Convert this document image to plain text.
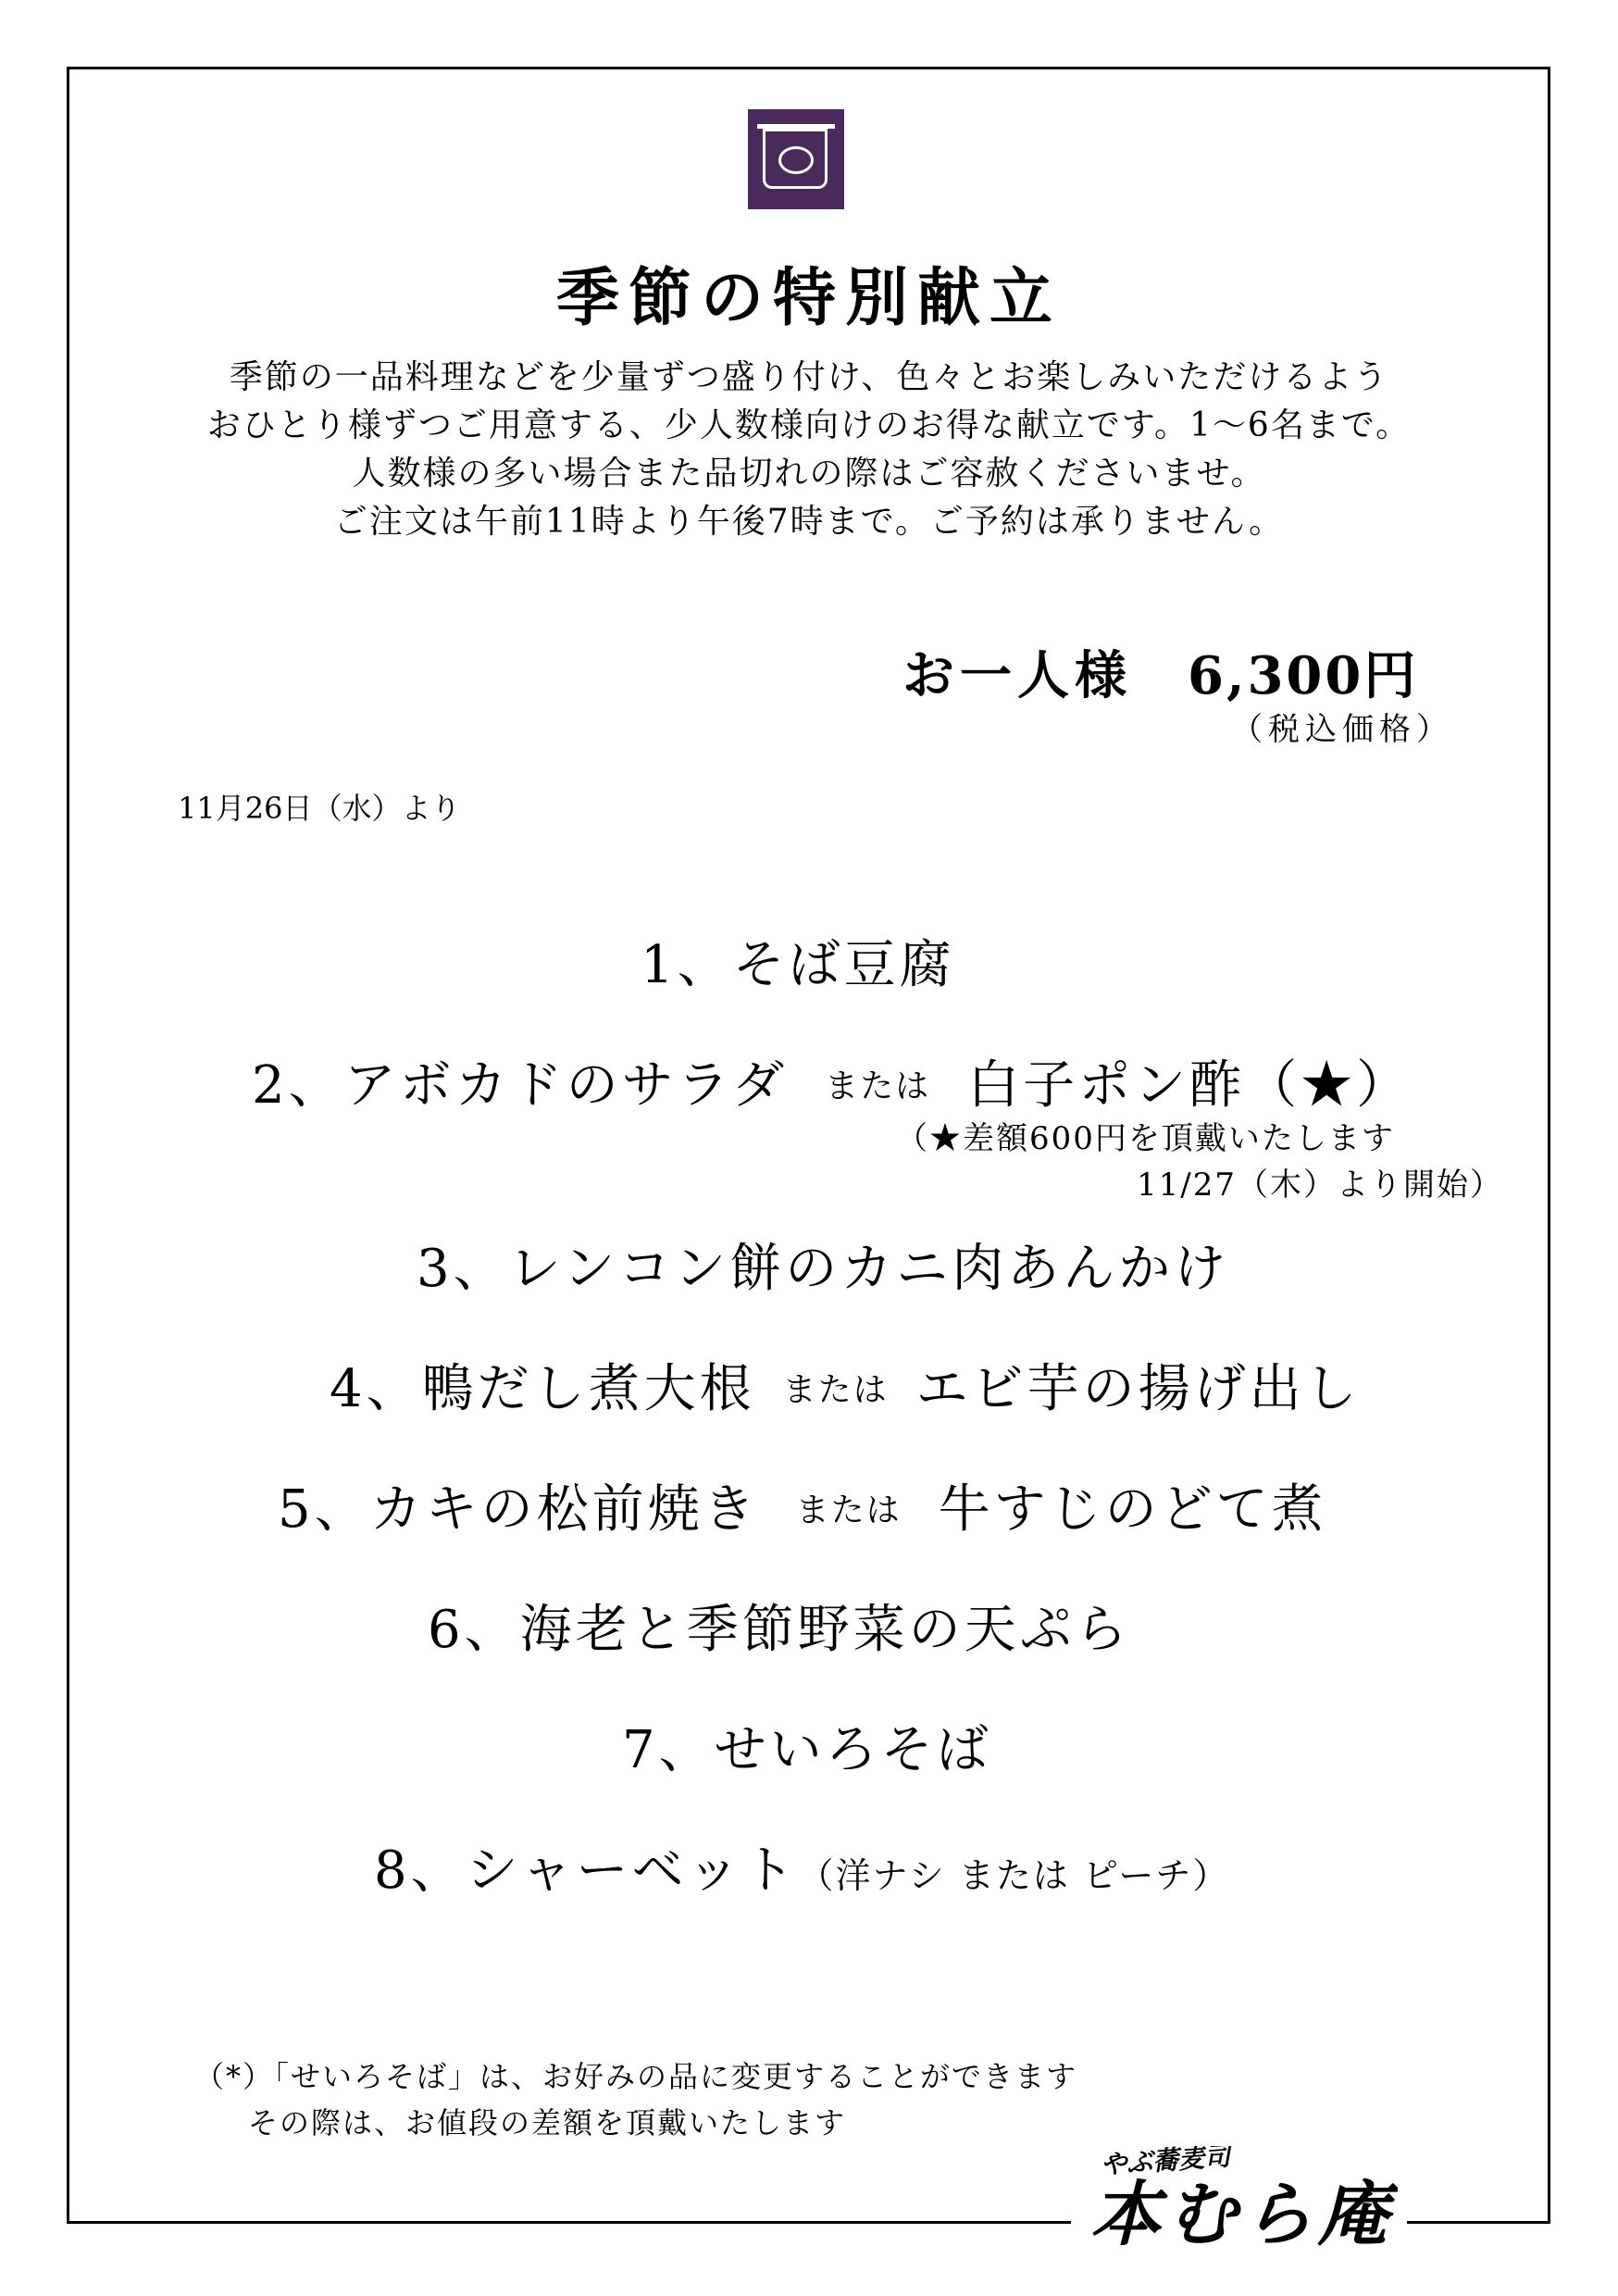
季節の特別献立
季節の一品料理などを少量ずつ盛り付け、色々とお楽しみいただけるよう
おひとり様ずつご用意する、少人数様向けのお得な献立です。1〜6名まで。
人数様の多い場合また品切れの際はご容赦くださいませ。
ご注文は午前11時より午後7時まで。ご予約は承りません。
お一人様 6,300円
（税込価格）
11月26日（水）より
1、そば豆腐
2、アボカドのサラダ または 白子ポン酢（★）
（★差額600円を頂戴いたします
11/27（木）より開始）
3、レンコン餅のカニ肉あんかけ
4、鴨だし煮大根 または エビ芋の揚げ出し
5、カキの松前焼き または 牛すじのどて煮
6、海老と季節野菜の天ぷら
7、せいろそば
8、シャーベット（洋ナシ または ピーチ）
（*）「せいろそば」は、お好みの品に変更することができます
その際は、お値段の差額を頂戴いたします
やぶ蕎麦司
本むら庵
